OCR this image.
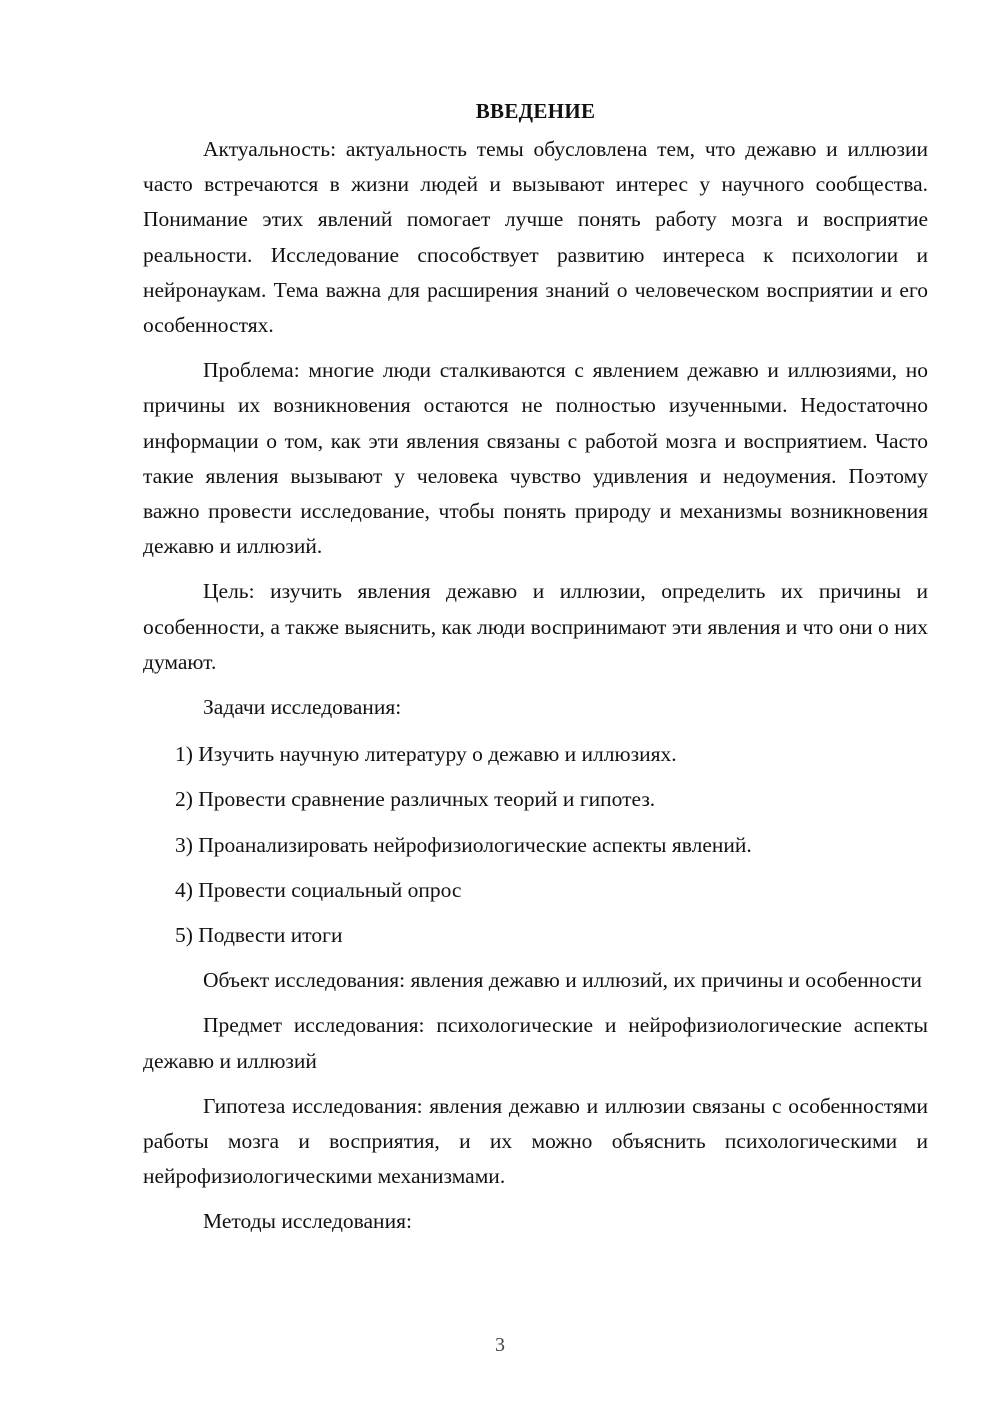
ВВЕДЕНИЕ

Актуальность: актуальность темы обусловлена тем, что дежавю и иллюзии часто встречаются в жизни людей и вызывают интерес у научного сообщества. Понимание этих явлений помогает лучше понять работу мозга и восприятие реальности. Исследование способствует развитию интереса к психологии и нейронаукам. Тема важна для расширения знаний о человеческом восприятии и его особенностях.

Проблема: многие люди сталкиваются с явлением дежавю и иллюзиями, но причины их возникновения остаются не полностью изученными. Недостаточно информации о том, как эти явления связаны с работой мозга и восприятием. Часто такие явления вызывают у человека чувство удивления и недоумения. Поэтому важно провести исследование, чтобы понять природу и механизмы возникновения дежавю и иллюзий.

Цель: изучить явления дежавю и иллюзии, определить их причины и особенности, а также выяснить, как люди воспринимают эти явления и что они о них думают.

Задачи исследования:

1) Изучить научную литературу о дежавю и иллюзиях.
2) Провести сравнение различных теорий и гипотез.
3) Проанализировать нейрофизиологические аспекты явлений.
4) Провести социальный опрос
5) Подвести итоги

Объект исследования: явления дежавю и иллюзий, их причины и особенности

Предмет исследования: психологические и нейрофизиологические аспекты дежавю и иллюзий

Гипотеза исследования: явления дежавю и иллюзии связаны с особенностями работы мозга и восприятия, и их можно объяснить психологическими и нейрофизиологическими механизмами.

Методы исследования:

3
